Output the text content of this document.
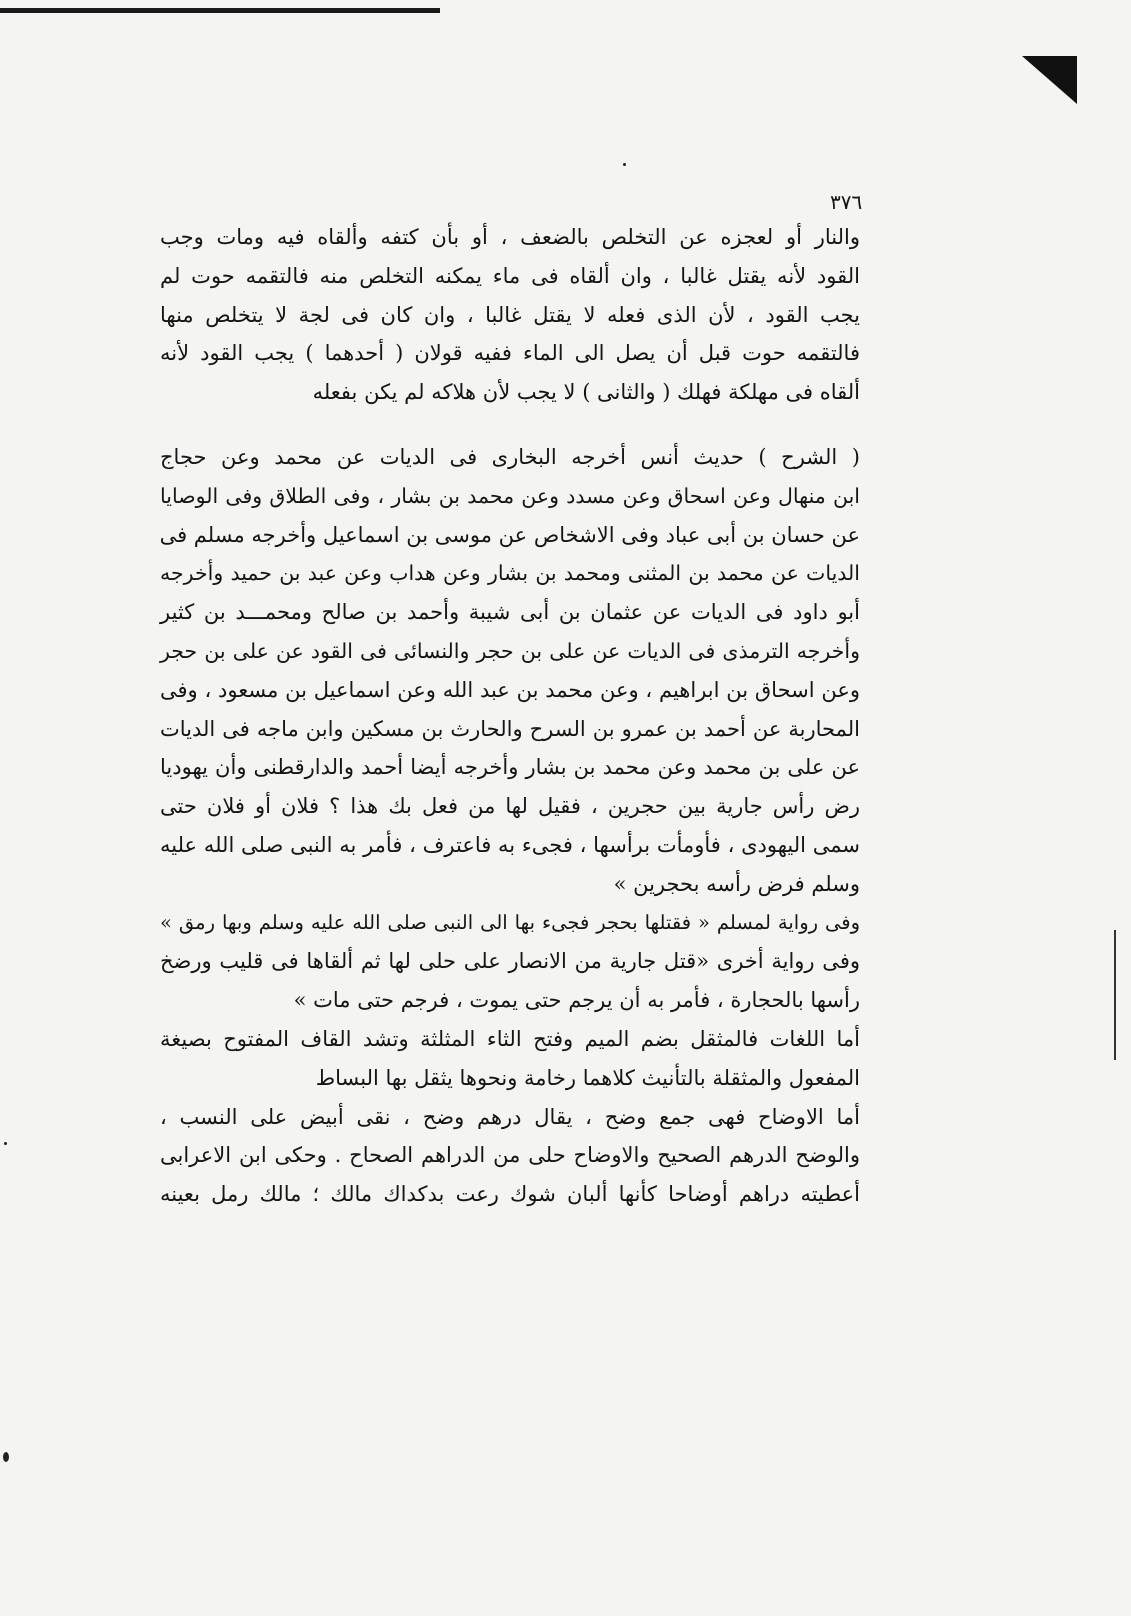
٣٧٦
والنار أو لعجزه عن التخلص بالضعف ، أو بأن كتفه وألقاه فيه ومات وجب
القود لأنه يقتل غالبا ، وان ألقاه فى ماء يمكنه التخلص منه فالتقمه حوت لم
يجب القود ، لأن الذى فعله لا يقتل غالبا ، وان كان فى لجة لا يتخلص منها
فالتقمه حوت قبل أن يصل الى الماء ففيه قولان ( أحدهما ) يجب القود لأنه
ألقاه فى مهلكة فهلك ( والثانى ) لا يجب لأن هلاكه لم يكن بفعله
( الشرح ) حديث أنس أخرجه البخارى فى الديات عن محمد وعن حجاج
ابن منهال وعن اسحاق وعن مسدد وعن محمد بن بشار ، وفى الطلاق وفى الوصايا
عن حسان بن أبى عباد وفى الاشخاص عن موسى بن اسماعيل وأخرجه مسلم فى
الديات عن محمد بن المثنى ومحمد بن بشار وعن هداب وعن عبد بن حميد وأخرجه
أبو داود فى الديات عن عثمان بن أبى شيبة وأحمد بن صالح ومحمـــد بن كثير
وأخرجه الترمذى فى الديات عن على بن حجر والنسائى فى القود عن على بن حجر
وعن اسحاق بن ابراهيم ، وعن محمد بن عبد الله وعن اسماعيل بن مسعود ، وفى
المحاربة عن أحمد بن عمرو بن السرح والحارث بن مسكين وابن ماجه فى الديات
عن على بن محمد وعن محمد بن بشار وأخرجه أيضا أحمد والدارقطنى وأن يهوديا
رض رأس جارية بين حجرين ، فقيل لها من فعل بك هذا ؟ فلان أو فلان حتى
سمى اليهودى ، فأومأت برأسها ، فجىء به فاعترف ، فأمر به النبى صلى الله عليه
وسلم فرض رأسه بحجرين »
وفى رواية لمسلم « فقتلها بحجر فجىء بها الى النبى صلى الله عليه وسلم وبها رمق »
وفى رواية أخرى «قتل جارية من الانصار على حلى لها ثم ألقاها فى قليب ورضخ
رأسها بالحجارة ، فأمر به أن يرجم حتى يموت ، فرجم حتى مات »
أما اللغات فالمثقل بضم الميم وفتح الثاء المثلثة وتشد القاف المفتوح بصيغة
المفعول والمثقلة بالتأنيث كلاهما رخامة ونحوها يثقل بها البساط
أما الاوضاح فهى جمع وضح ، يقال درهم وضح ، نقى أبيض على النسب ،
والوضح الدرهم الصحيح والاوضاح حلى من الدراهم الصحاح . وحكى ابن الاعرابى
أعطيته دراهم أوضاحا كأنها ألبان شوك رعت بدكداك مالك ؛ مالك رمل بعينه
